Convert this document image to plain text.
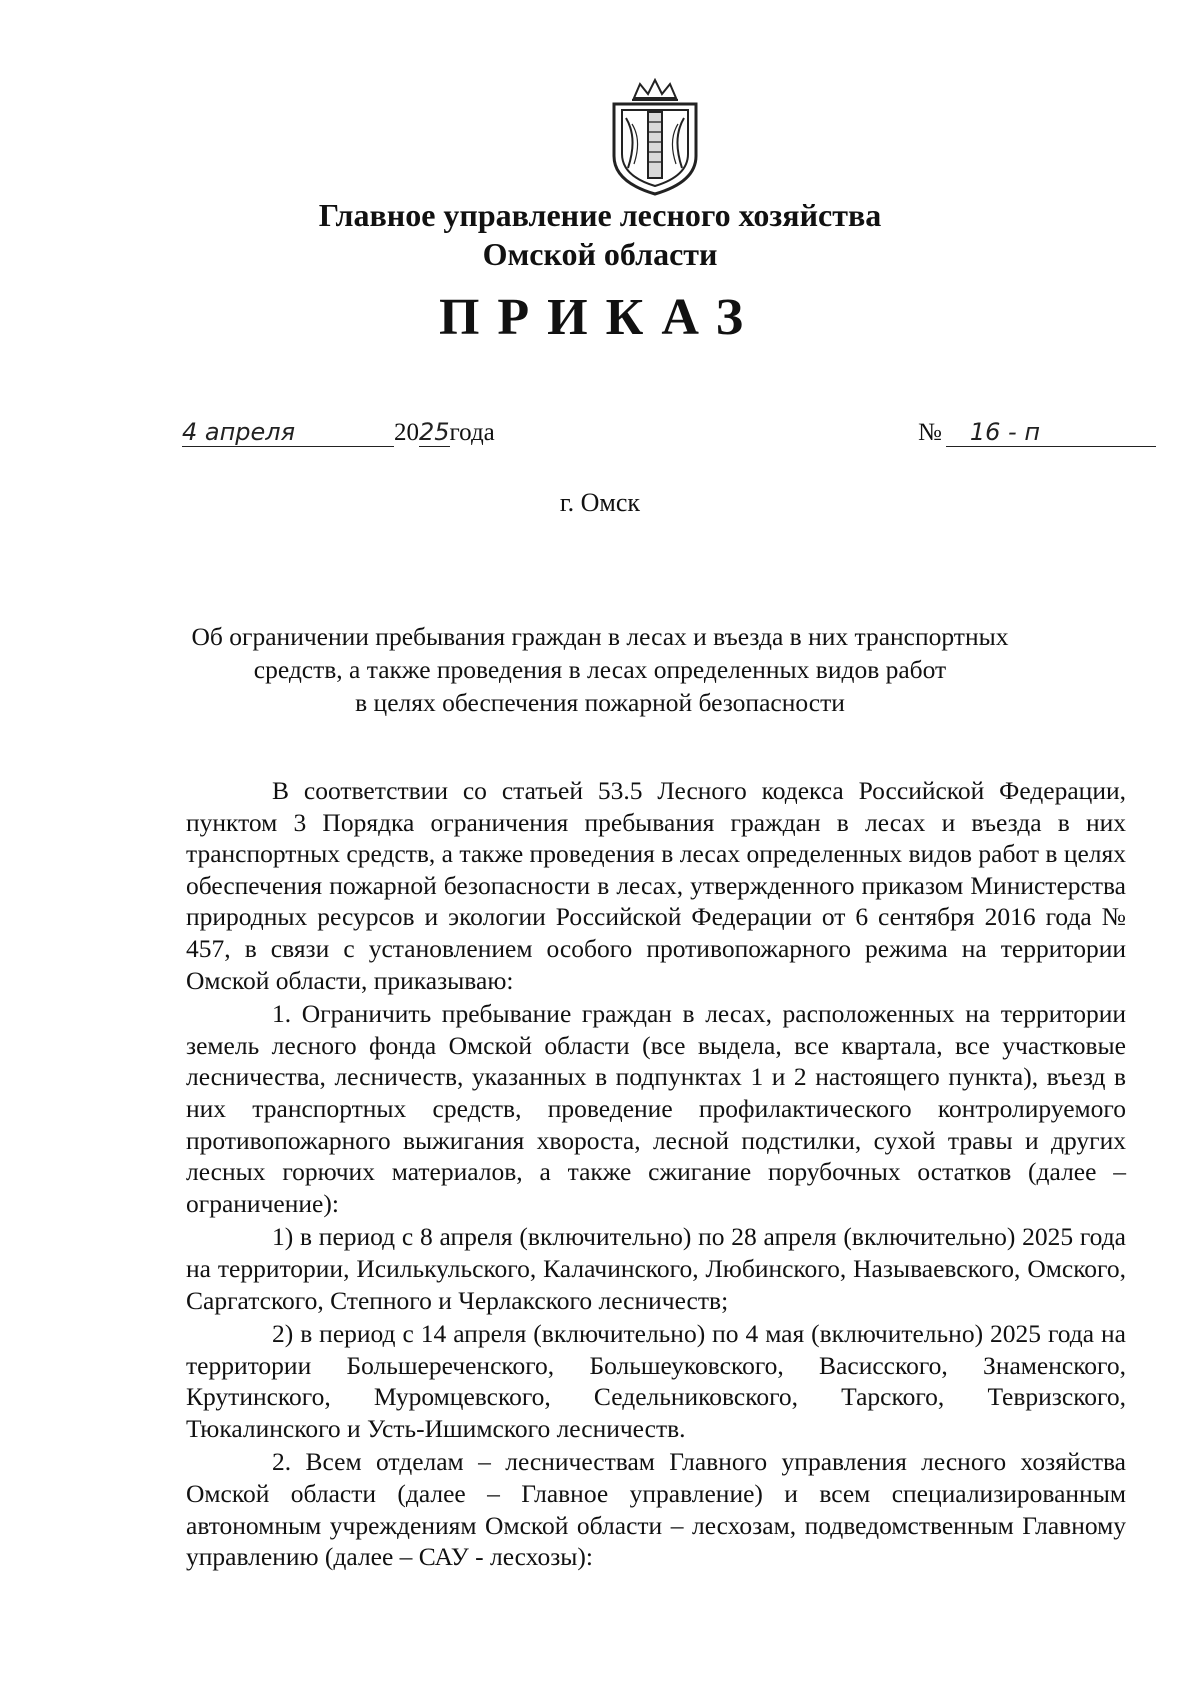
Главное управление лесного хозяйства
Омской области
ПРИКАЗ
4 апреля	2025года	№ 16 - п
г. Омск
Об ограничении пребывания граждан в лесах и въезда в них транспортных
средств, а также проведения в лесах определенных видов работ
в целях обеспечения пожарной безопасности

В соответствии со статьей 53.5 Лесного кодекса Российской Федерации, пунктом 3 Порядка ограничения пребывания граждан в лесах и въезда в них транспортных средств, а также проведения в лесах определенных видов работ в целях обеспечения пожарной безопасности в лесах, утвержденного приказом Министерства природных ресурсов и экологии Российской Федерации от 6 сентября 2016 года № 457, в связи с установлением особого противопожарного режима на территории Омской области, приказываю:

1. Ограничить пребывание граждан в лесах, расположенных на территории земель лесного фонда Омской области (все выдела, все квартала, все участковые лесничества, лесничеств, указанных в подпунктах 1 и 2 настоящего пункта), въезд в них транспортных средств, проведение профилактического контролируемого противопожарного выжигания хвороста, лесной подстилки, сухой травы и других лесных горючих материалов, а также сжигание порубочных остатков (далее – ограничение):

1) в период с 8 апреля (включительно) по 28 апреля (включительно) 2025 года на территории, Исилькульского, Калачинского, Любинского, Называевского, Омского, Саргатского, Степного и Черлакского лесничеств;

2) в период с 14 апреля (включительно) по 4 мая (включительно) 2025 года на территории Большереченского, Большеуковского, Васисского, Знаменского, Крутинского, Муромцевского, Седельниковского, Тарского, Тевризского, Тюкалинского и Усть-Ишимского лесничеств.

2. Всем отделам – лесничествам Главного управления лесного хозяйства Омской области (далее – Главное управление) и всем специализированным автономным учреждениям Омской области – лесхозам, подведомственным Главному управлению (далее – САУ - лесхозы):
